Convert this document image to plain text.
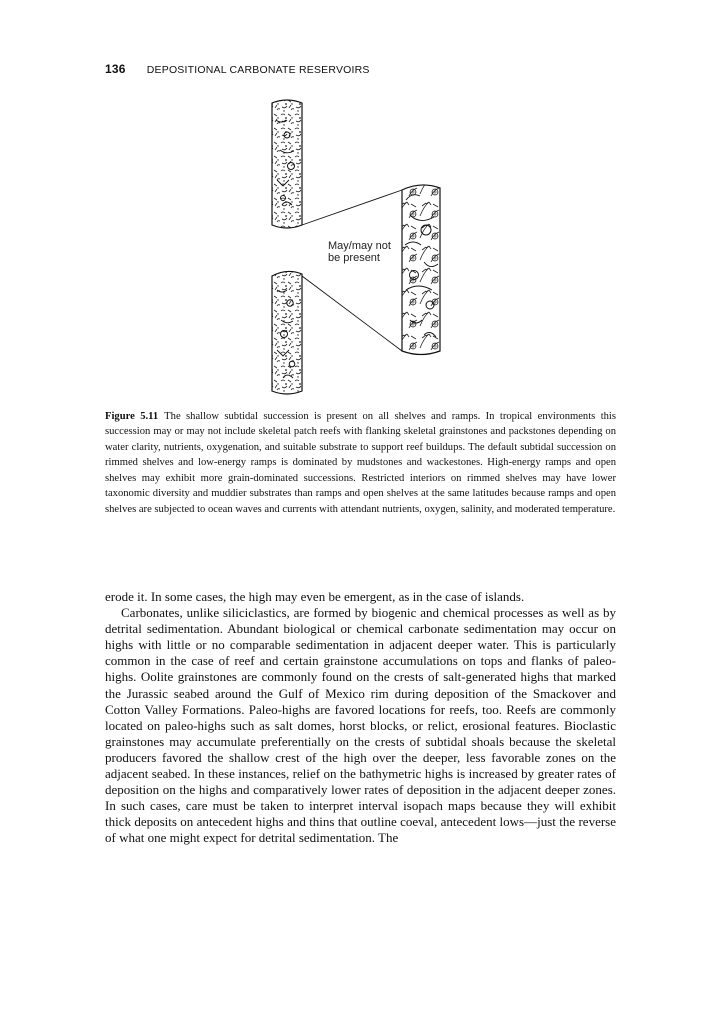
136 DEPOSITIONAL CARBONATE RESERVOIRS
May/may not be present
Figure 5.11 The shallow subtidal succession is present on all shelves and ramps. In tropical environments this succession may or may not include skeletal patch reefs with flanking skeletal grainstones and packstones depending on water clarity, nutrients, oxygenation, and suitable substrate to support reef buildups. The default subtidal succession on rimmed shelves and low-energy ramps is dominated by mudstones and wackestones. High-energy ramps and open shelves may exhibit more grain-dominated successions. Restricted interiors on rimmed shelves may have lower taxonomic diversity and muddier substrates than ramps and open shelves at the same latitudes because ramps and open shelves are subjected to ocean waves and currents with attendant nutrients, oxygen, salinity, and moderated temperature.

erode it. In some cases, the high may even be emergent, as in the case of islands.

Carbonates, unlike siliciclastics, are formed by biogenic and chemical processes as well as by detrital sedimentation. Abundant biological or chemical carbonate sedimentation may occur on highs with little or no comparable sedimentation in adjacent deeper water. This is particularly common in the case of reef and certain grainstone accumulations on tops and flanks of paleo-highs. Oolite grainstones are commonly found on the crests of salt-generated highs that marked the Jurassic seabed around the Gulf of Mexico rim during deposition of the Smackover and Cotton Valley Formations. Paleo-highs are favored locations for reefs, too. Reefs are commonly located on paleo-highs such as salt domes, horst blocks, or relict, erosional features. Bioclastic grainstones may accumulate preferentially on the crests of subtidal shoals because the skeletal producers favored the shallow crest of the high over the deeper, less favorable zones on the adjacent seabed. In these instances, relief on the bathymetric highs is increased by greater rates of deposition on the highs and comparatively lower rates of deposition in the adjacent deeper zones. In such cases, care must be taken to interpret interval isopach maps because they will exhibit thick deposits on antecedent highs and thins that outline coeval, antecedent lows—just the reverse of what one might expect for detrital sedimentation. The
